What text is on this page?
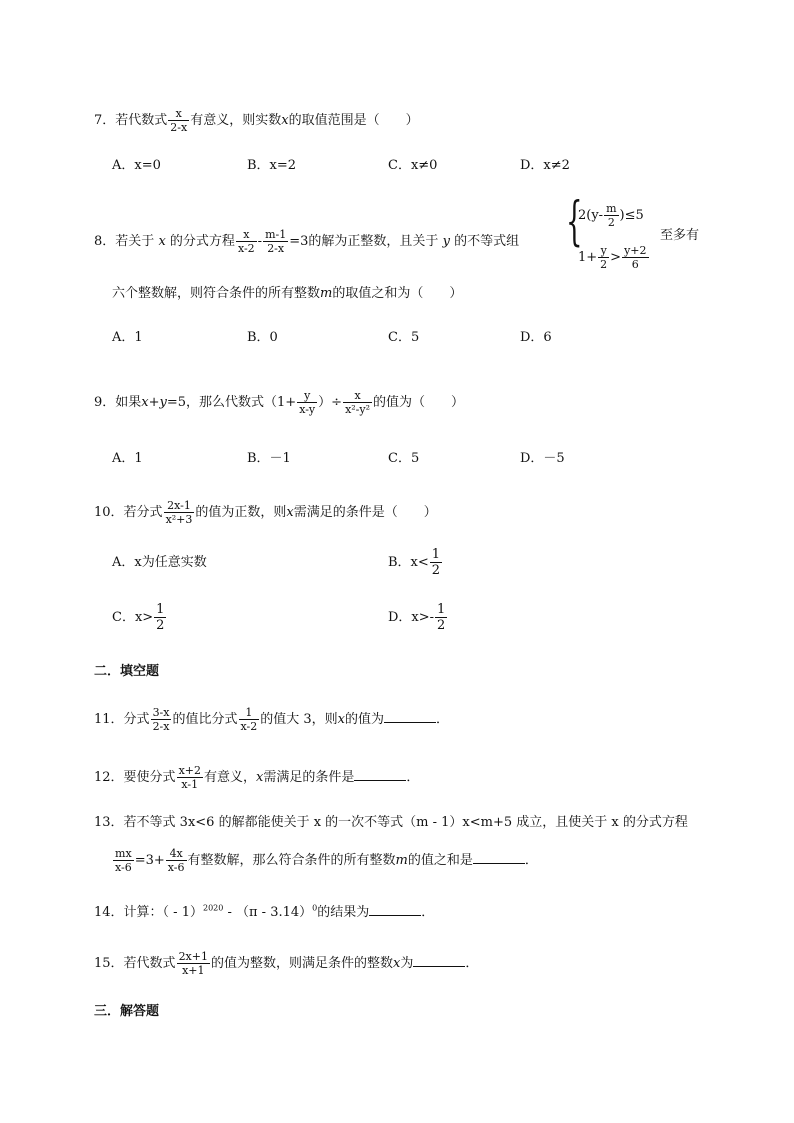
7．若代数式 $\frac{x}{2-x}$ 有意义，则实数x的取值范围是（　　）
A．x=0	B．x=2	C．x≠0	D．x≠2
8．若关于 x 的分式方程 $\frac{x}{x-2} - \frac{m-1}{2-x} =3$的解为正整数，且关于 y 的不等式组 {
$2(y- \frac{m}{2} )\le 5$
$1+ \frac{y}{2} > \frac{y+2}{6}$
至多有
六个整数解，则符合条件的所有整数m的取值之和为（　　）
A．1	B．0	C．5	D．6
9．如果x+y=5，那么代数式（$1+ \frac{y}{x-y}$ ）÷ $\frac{x}{\text{x²-y²}}$ 的值为（　　）
A．1	B．－1	C．5	D．－5
10．若分式 $\frac{2x-1}{\text{x²+3}}$ 的值为正数，则x需满足的条件是（　　）
A．x为任意实数	B．$x< \frac{1}{2}$
C．$x> \frac{1}{2}$	D．$x>- \frac{1}{2}$
二．填空题
11．分式 $\frac{3-x}{2-x}$ 的值比分式 $\frac{1}{x-2}$ 的值大 3，则x的值为	．
12．要使分式 $\frac{x+2}{x-1}$ 有意义，x需满足的条件是	．
13．若不等式 3x<6 的解都能使关于 x 的一次不等式（m - 1）x<m+5 成立，且使关于 x 的分式方程
$\frac{mx}{x-6} =3+ \frac{4x}{x-6}$ 有整数解，那么符合条件的所有整数m的值之和是	．
14．计算：（ - 1）$^{2020}$ - （π - 3.14）$^0$的结果为	．
15．若代数式 $\frac{2x+1}{x+1}$ 的值为整数，则满足条件的整数x为	．
三．解答题
